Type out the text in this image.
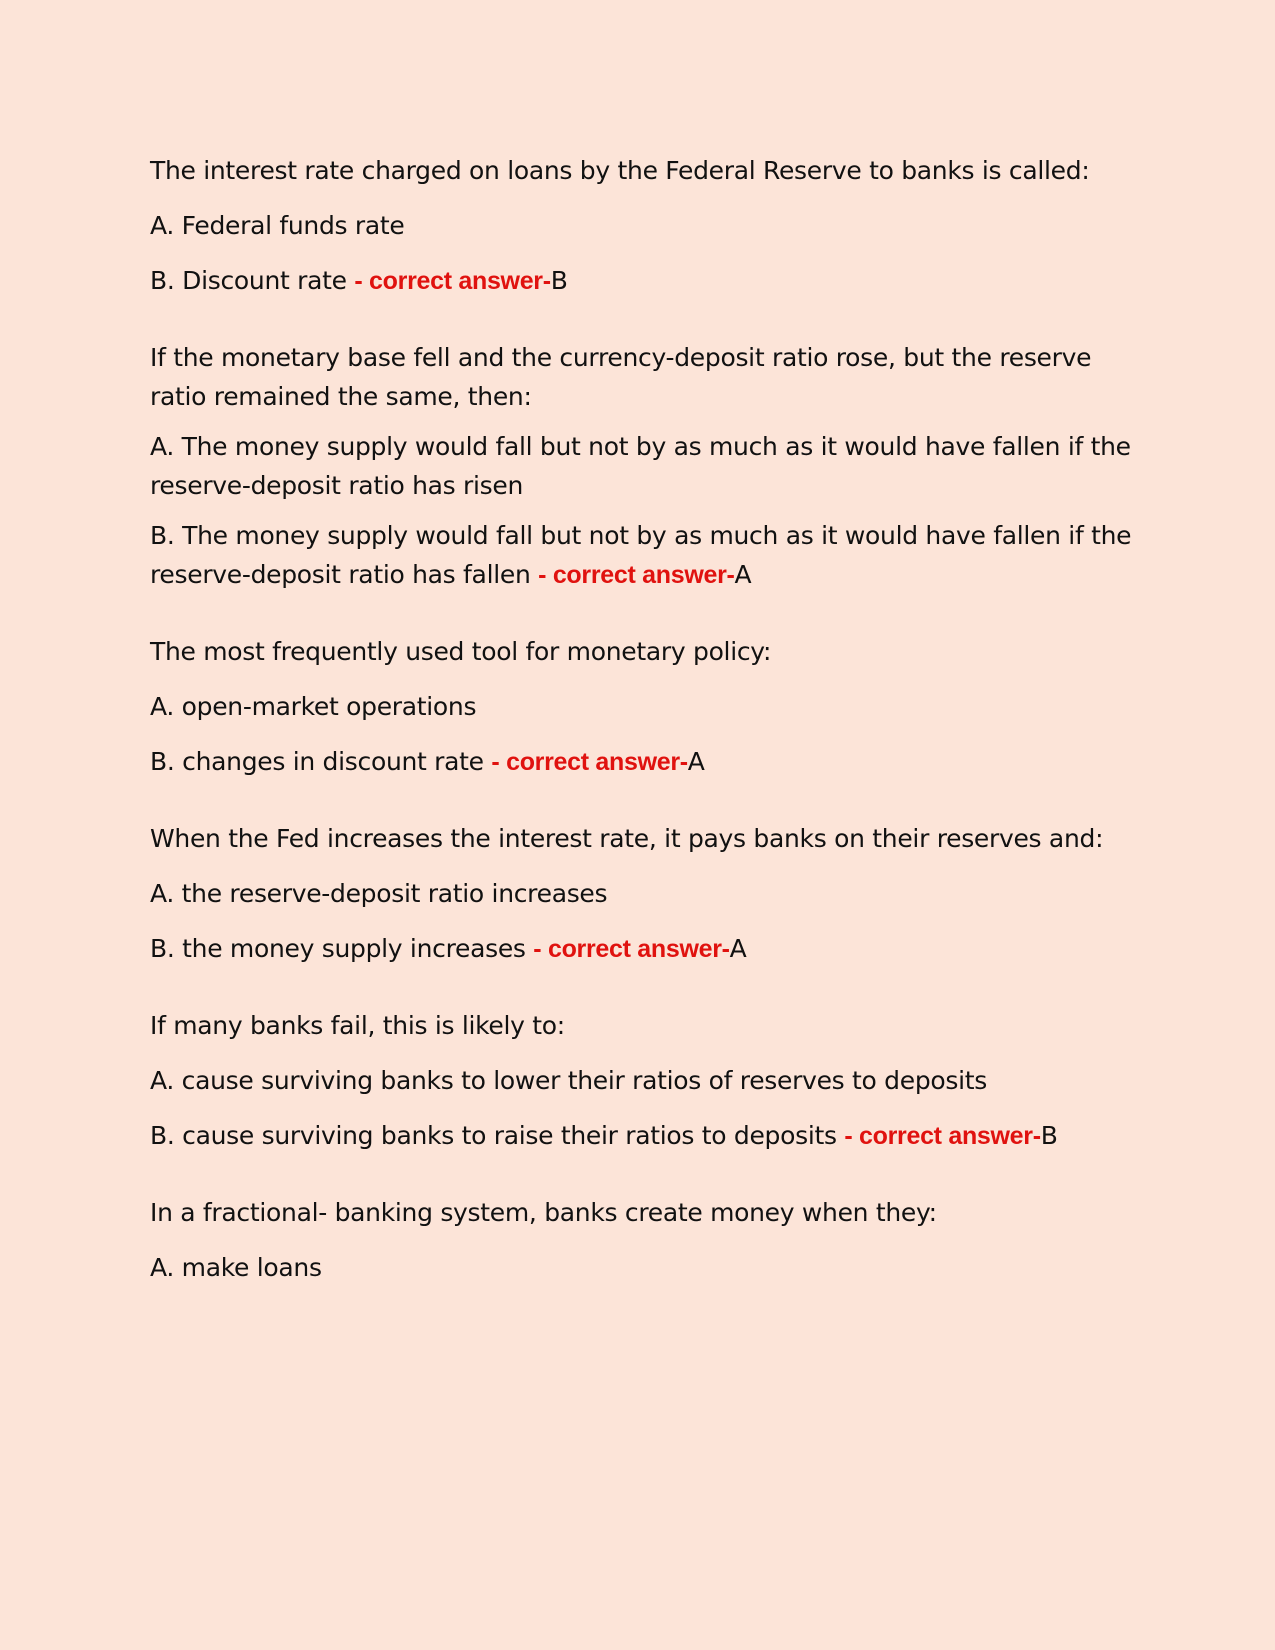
The interest rate charged on loans by the Federal Reserve to banks is called:
A. Federal funds rate
B. Discount rate - correct answer-B
If the monetary base fell and the currency-deposit ratio rose, but the reserve ratio remained the same, then:
A. The money supply would fall but not by as much as it would have fallen if the reserve-deposit ratio has risen
B. The money supply would fall but not by as much as it would have fallen if the reserve-deposit ratio has fallen - correct answer-A
The most frequently used tool for monetary policy:
A. open-market operations
B. changes in discount rate - correct answer-A
When the Fed increases the interest rate, it pays banks on their reserves and:
A. the reserve-deposit ratio increases
B. the money supply increases - correct answer-A
If many banks fail, this is likely to:
A. cause surviving banks to lower their ratios of reserves to deposits
B. cause surviving banks to raise their ratios to deposits - correct answer-B
In a fractional- banking system, banks create money when they:
A. make loans
